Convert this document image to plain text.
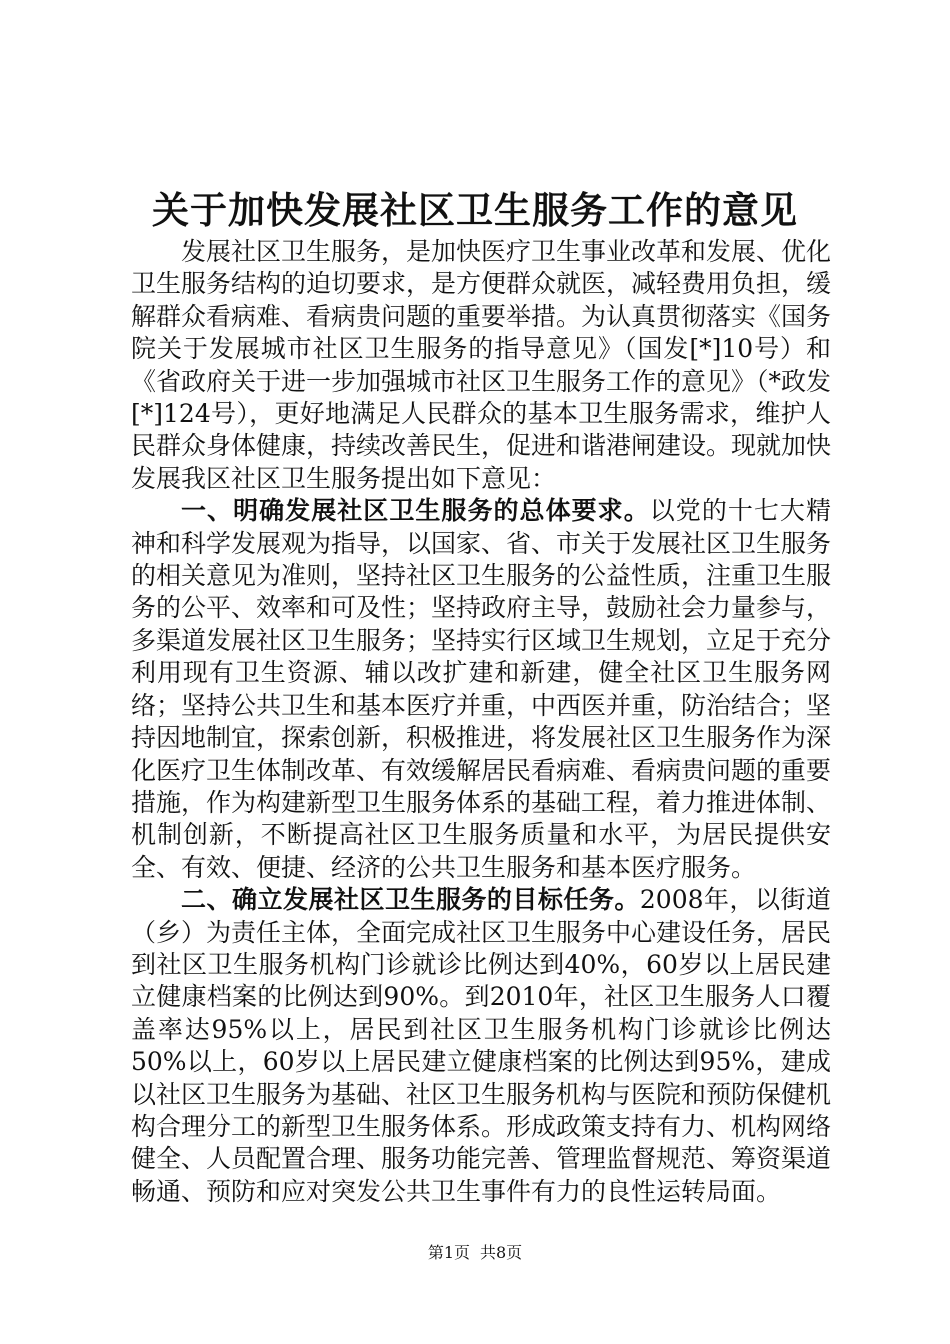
关于加快发展社区卫生服务工作的意见

发展社区卫生服务，是加快医疗卫生事业改革和发展、优化卫生服务结构的迫切要求，是方便群众就医，减轻费用负担，缓解群众看病难、看病贵问题的重要举措。为认真贯彻落实《国务院关于发展城市社区卫生服务的指导意见》（国发[*]10号）和《省政府关于进一步加强城市社区卫生服务工作的意见》（*政发[*]124号），更好地满足人民群众的基本卫生服务需求，维护人民群众身体健康，持续改善民生，促进和谐港闸建设。现就加快发展我区社区卫生服务提出如下意见：

一、明确发展社区卫生服务的总体要求。以党的十七大精神和科学发展观为指导，以国家、省、市关于发展社区卫生服务的相关意见为准则，坚持社区卫生服务的公益性质，注重卫生服务的公平、效率和可及性；坚持政府主导，鼓励社会力量参与，多渠道发展社区卫生服务；坚持实行区域卫生规划，立足于充分利用现有卫生资源、辅以改扩建和新建，健全社区卫生服务网络；坚持公共卫生和基本医疗并重，中西医并重，防治结合；坚持因地制宜，探索创新，积极推进，将发展社区卫生服务作为深化医疗卫生体制改革、有效缓解居民看病难、看病贵问题的重要措施，作为构建新型卫生服务体系的基础工程，着力推进体制、机制创新，不断提高社区卫生服务质量和水平，为居民提供安全、有效、便捷、经济的公共卫生服务和基本医疗服务。

二、确立发展社区卫生服务的目标任务。2008年，以街道（乡）为责任主体，全面完成社区卫生服务中心建设任务，居民到社区卫生服务机构门诊就诊比例达到40%，60岁以上居民建立健康档案的比例达到90%。到2010年，社区卫生服务人口覆盖率达95%以上，居民到社区卫生服务机构门诊就诊比例达50%以上，60岁以上居民建立健康档案的比例达到95%，建成以社区卫生服务为基础、社区卫生服务机构与医院和预防保健机构合理分工的新型卫生服务体系。形成政策支持有力、机构网络健全、人员配置合理、服务功能完善、管理监督规范、筹资渠道畅通、预防和应对突发公共卫生事件有力的良性运转局面。

第1页 共8页
